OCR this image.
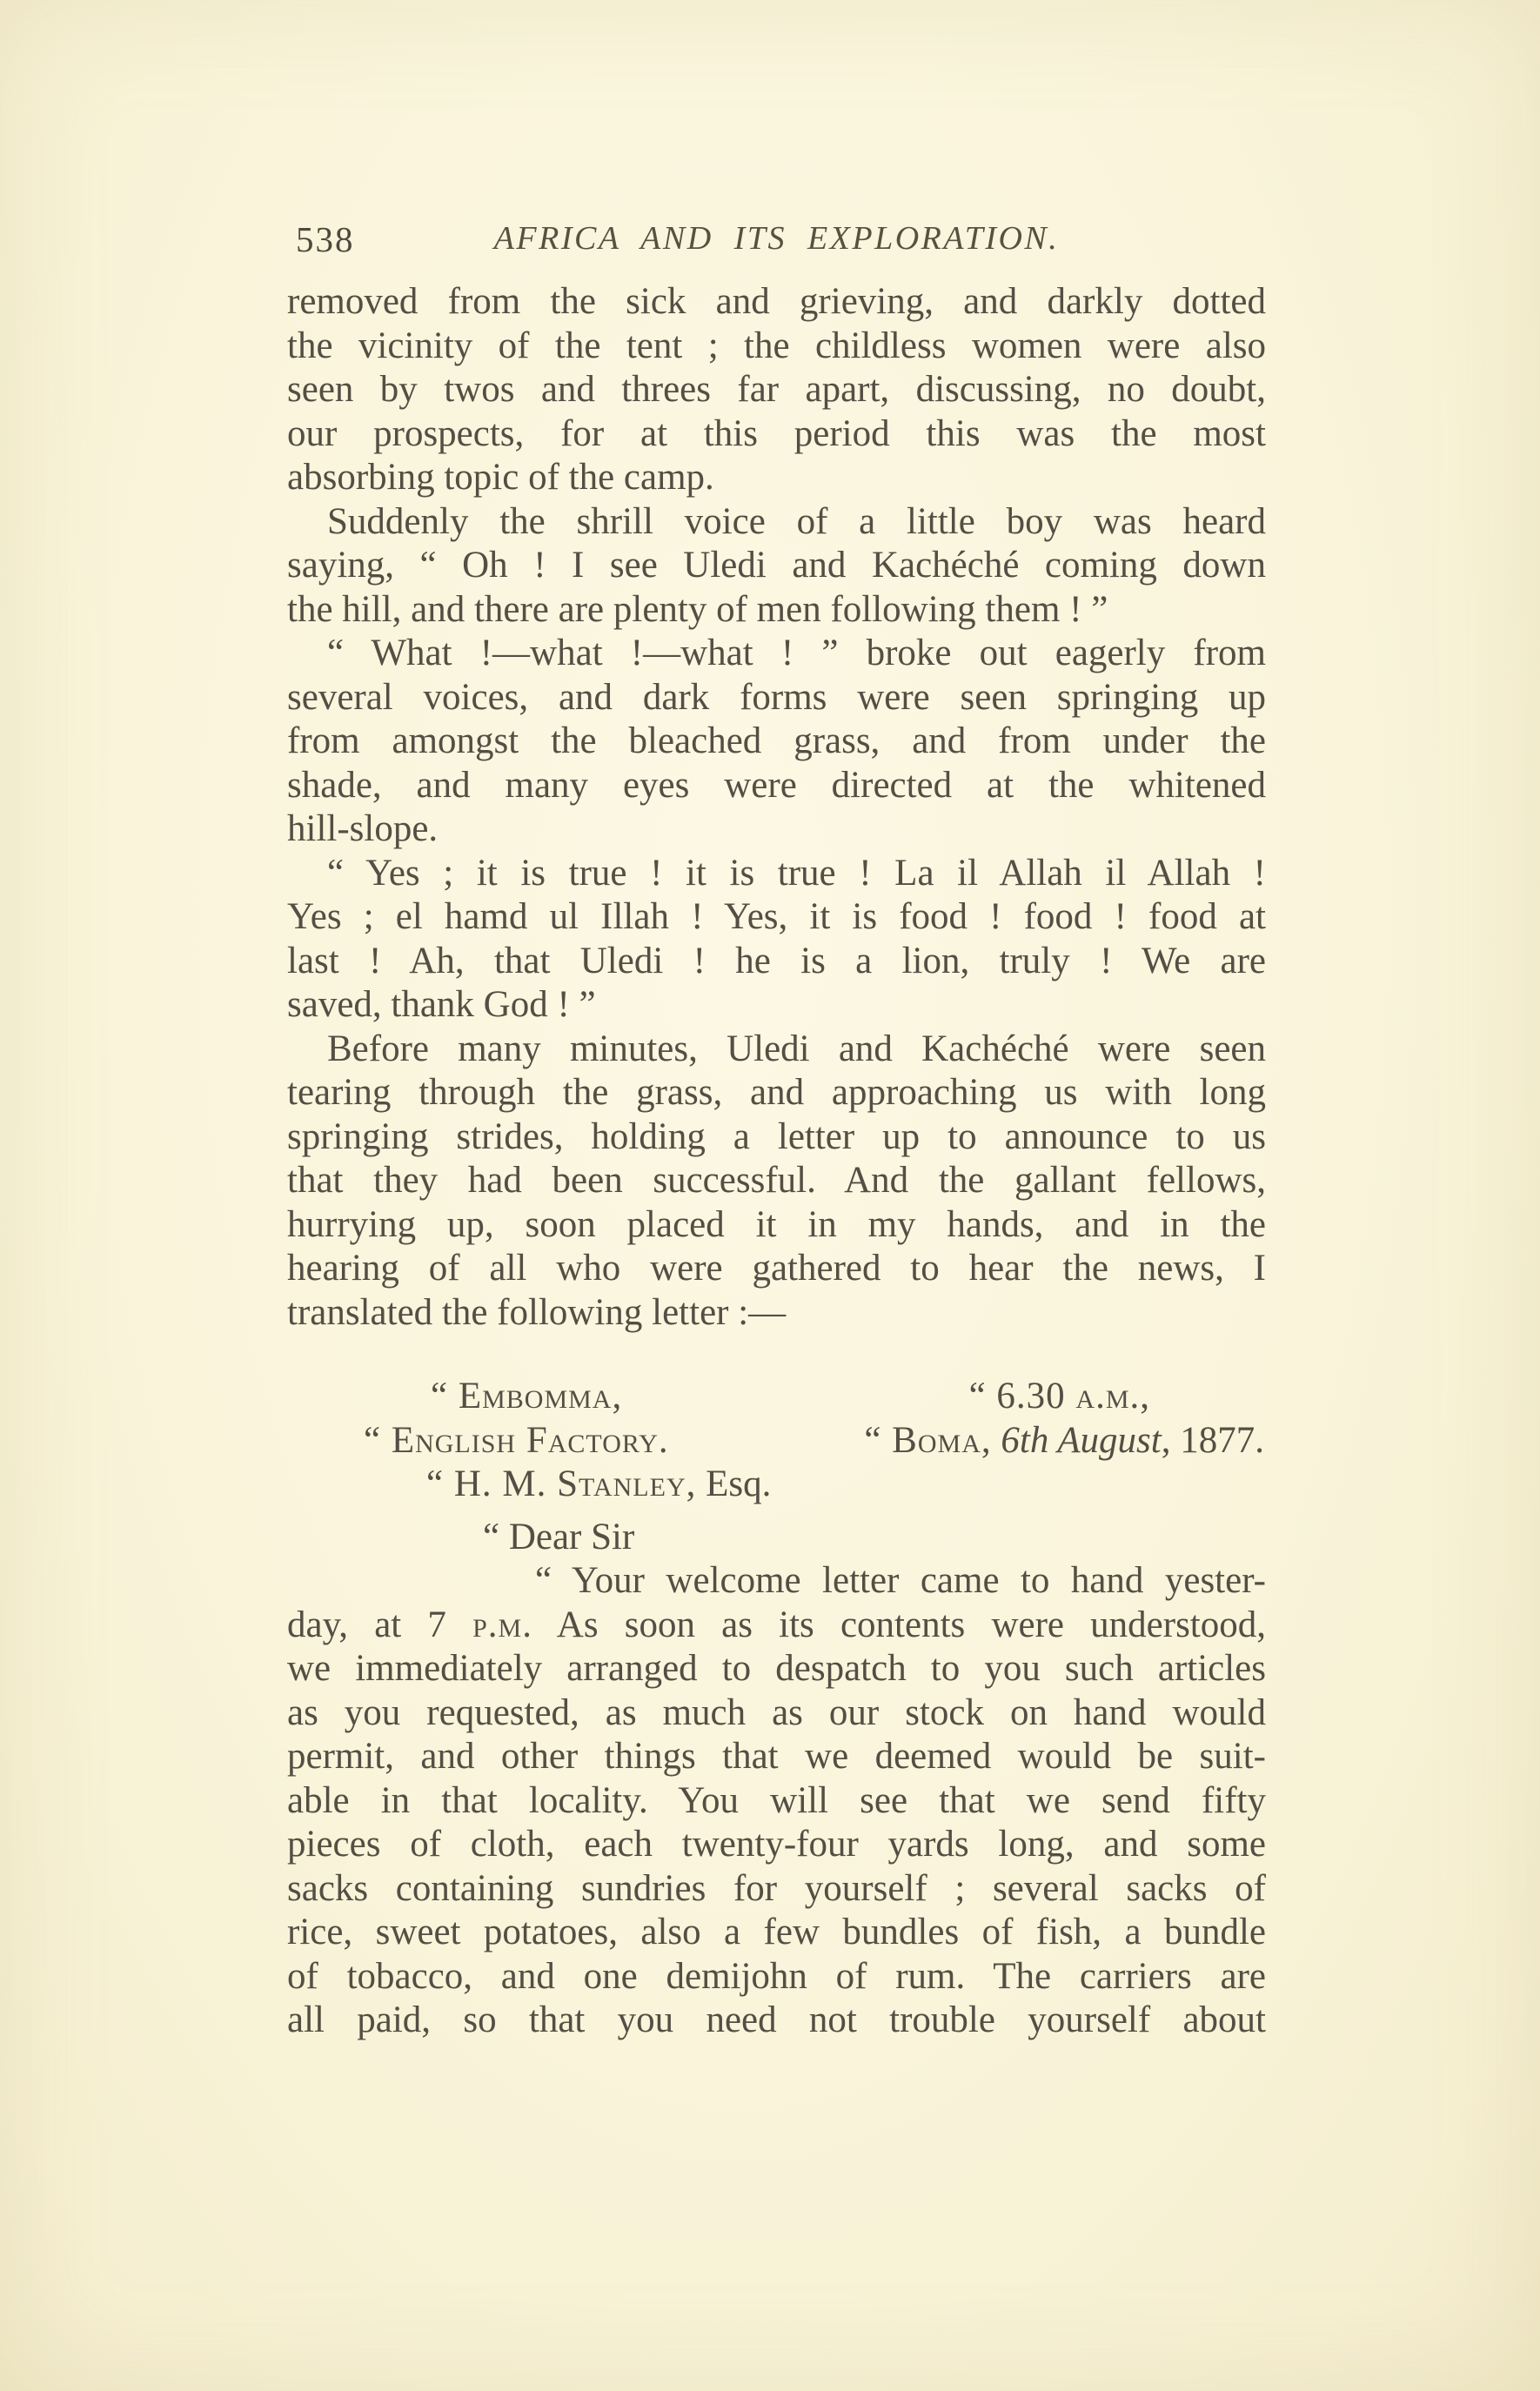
538	AFRICA AND ITS EXPLORATION.
removed from the sick and grieving, and darkly dotted
the vicinity of the tent ; the childless women were also
seen by twos and threes far apart, discussing, no doubt,
our prospects, for at this period this was the most
absorbing topic of the camp.
Suddenly the shrill voice of a little boy was heard
saying, “ Oh ! I see Uledi and Kachéché coming down
the hill, and there are plenty of men following them ! ”
“ What !—what !—what ! ” broke out eagerly from
several voices, and dark forms were seen springing up
from amongst the bleached grass, and from under the
shade, and many eyes were directed at the whitened
hill-slope.
“ Yes ; it is true ! it is true ! La il Allah il Allah !
Yes ; el hamd ul Illah ! Yes, it is food ! food ! food at
last ! Ah, that Uledi ! he is a lion, truly ! We are
saved, thank God ! ”
Before many minutes, Uledi and Kachéché were seen
tearing through the grass, and approaching us with long
springing strides, holding a letter up to announce to us
that they had been successful. And the gallant fellows,
hurrying up, soon placed it in my hands, and in the
hearing of all who were gathered to hear the news, I
translated the following letter :—
“ Embomma,	“ 6.30 a.m.,
“ English Factory.	“ Boma, 6th August, 1877.
“ H. M. Stanley, Esq.
“ Dear Sir
“ Your welcome letter came to hand yester-
day, at 7 p.m. As soon as its contents were understood,
we immediately arranged to despatch to you such articles
as you requested, as much as our stock on hand would
permit, and other things that we deemed would be suit-
able in that locality. You will see that we send fifty
pieces of cloth, each twenty-four yards long, and some
sacks containing sundries for yourself ; several sacks of
rice, sweet potatoes, also a few bundles of fish, a bundle
of tobacco, and one demijohn of rum. The carriers are
all paid, so that you need not trouble yourself about
